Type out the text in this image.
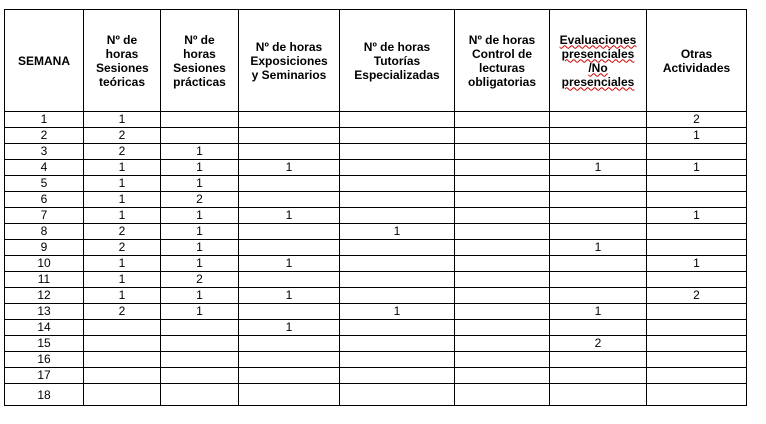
SEMANA	Nº de horas Sesiones teóricas	Nº de horas Sesiones prácticas	Nº de horas Exposiciones y Seminarios	Nº de horas Tutorías Especializadas	Nº de horas Control de lecturas obligatorias	Evaluaciones presenciales /No presenciales	Otras Actividades

1	1						2
2	2						1
3	2	1					
4	1	1	1			1	1
5	1	1					
6	1	2					
7	1	1	1				1
8	2	1		1			
9	2	1				1	
10	1	1	1				1
11	1	2					
12	1	1	1				2
13	2	1		1		1	
14			1				
15						2	
16							
17							
18							
